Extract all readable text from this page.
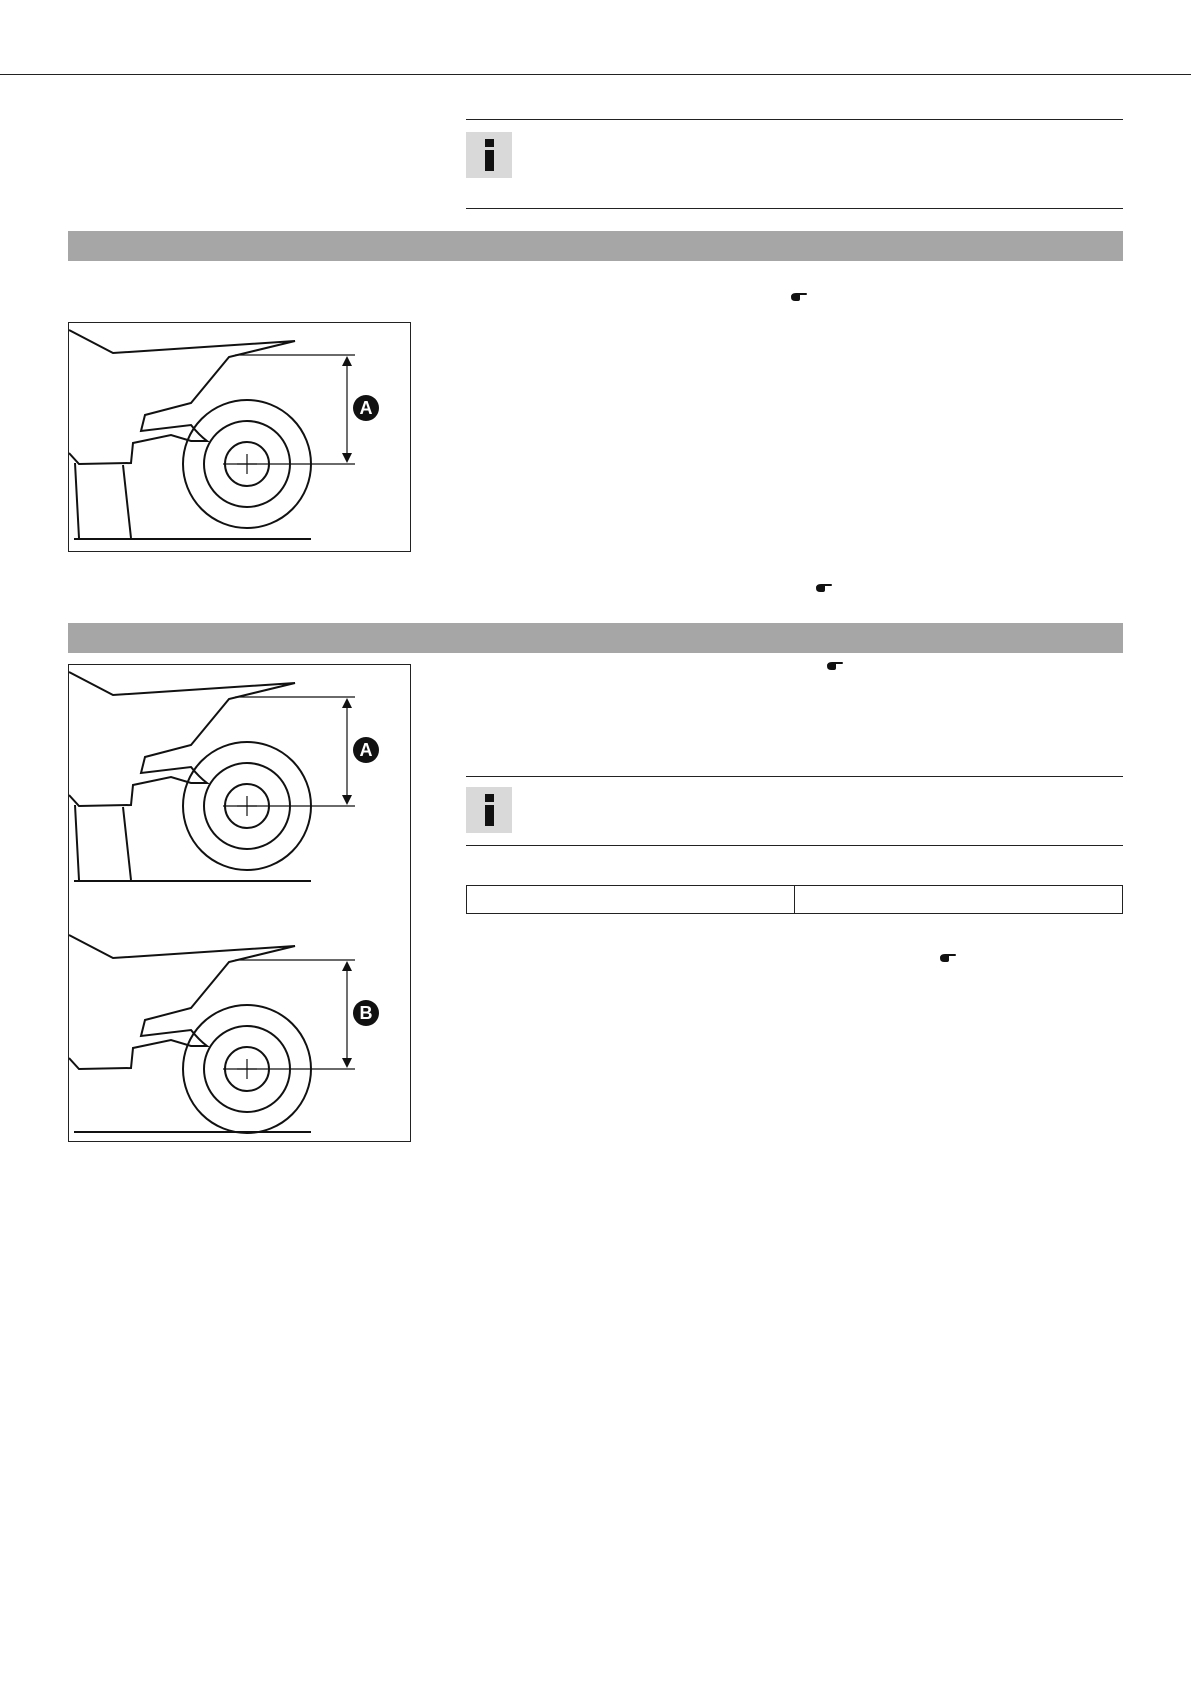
A
A
B
